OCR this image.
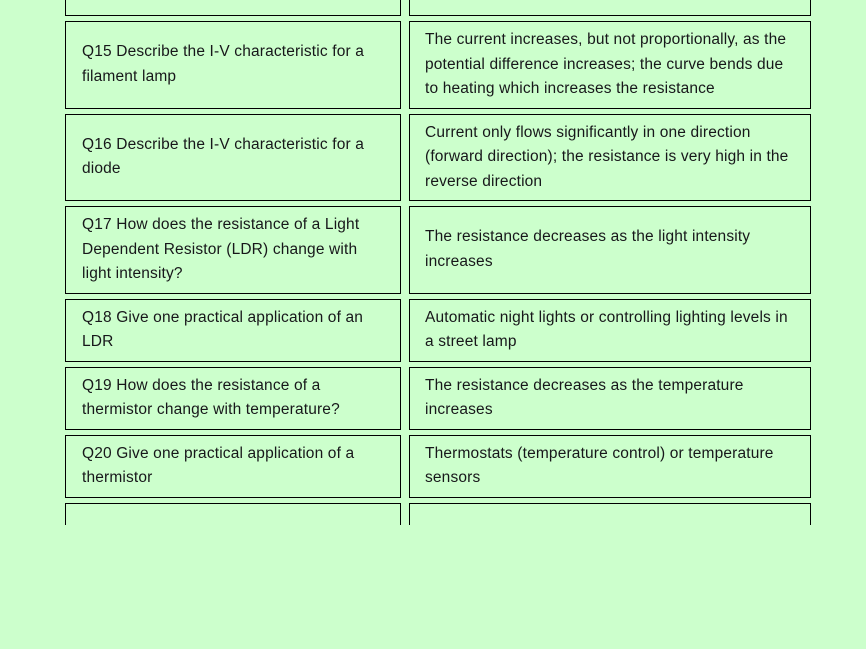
Q15 Describe the I-V characteristic for a filament lamp
The current increases, but not proportionally, as the potential difference increases; the curve bends due to heating which increases the resistance
Q16 Describe the I-V characteristic for a diode
Current only flows significantly in one direction (forward direction); the resistance is very high in the reverse direction
Q17 How does the resistance of a Light Dependent Resistor (LDR) change with light intensity?
The resistance decreases as the light intensity increases
Q18 Give one practical application of an LDR
Automatic night lights or controlling lighting levels in a street lamp
Q19 How does the resistance of a thermistor change with temperature?
The resistance decreases as the temperature increases
Q20 Give one practical application of a thermistor
Thermostats (temperature control) or temperature sensors
